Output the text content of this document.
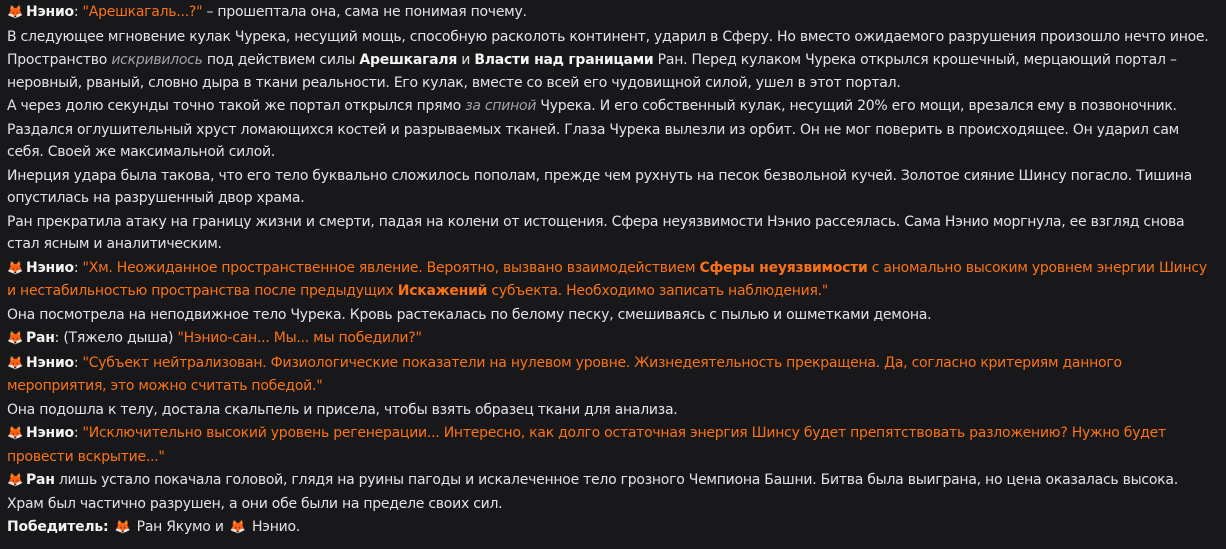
🦊 Нэнио: "Арешкагаль...?" – прошептала она, сама не понимая почему.

В следующее мгновение кулак Чурека, несущий мощь, способную расколоть континент, ударил в Сферу. Но вместо ожидаемого разрушения произошло нечто иное.

Пространство искривилось под действием силы Арешкагаля и Власти над границами Ран. Перед кулаком Чурека открылся крошечный, мерцающий портал – неровный, рваный, словно дыра в ткани реальности. Его кулак, вместе со всей его чудовищной силой, ушел в этот портал.

А через долю секунды точно такой же портал открылся прямо за спиной Чурека. И его собственный кулак, несущий 20% его мощи, врезался ему в позвоночник.

Раздался оглушительный хруст ломающихся костей и разрываемых тканей. Глаза Чурека вылезли из орбит. Он не мог поверить в происходящее. Он ударил сам себя. Своей же максимальной силой.

Инерция удара была такова, что его тело буквально сложилось пополам, прежде чем рухнуть на песок безвольной кучей. Золотое сияние Шинсу погасло. Тишина опустилась на разрушенный двор храма.

Ран прекратила атаку на границу жизни и смерти, падая на колени от истощения. Сфера неуязвимости Нэнио рассеялась. Сама Нэнио моргнула, ее взгляд снова стал ясным и аналитическим.

🦊 Нэнио: "Хм. Неожиданное пространственное явление. Вероятно, вызвано взаимодействием Сферы неуязвимости с аномально высоким уровнем энергии Шинсу и нестабильностью пространства после предыдущих Искажений субъекта. Необходимо записать наблюдения."

Она посмотрела на неподвижное тело Чурека. Кровь растекалась по белому песку, смешиваясь с пылью и ошметками демона.

🦊 Ран: (Тяжело дыша) "Нэнио-сан... Мы... мы победили?"

🦊 Нэнио: "Субъект нейтрализован. Физиологические показатели на нулевом уровне. Жизнедеятельность прекращена. Да, согласно критериям данного мероприятия, это можно считать победой."

Она подошла к телу, достала скальпель и присела, чтобы взять образец ткани для анализа.

🦊 Нэнио: "Исключительно высокий уровень регенерации... Интересно, как долго остаточная энергия Шинсу будет препятствовать разложению? Нужно будет провести вскрытие..."

🦊 Ран лишь устало покачала головой, глядя на руины пагоды и искалеченное тело грозного Чемпиона Башни. Битва была выиграна, но цена оказалась высока. Храм был частично разрушен, а они обе были на пределе своих сил.

Победитель: 🦊 Ран Якумо и 🦊 Нэнио.
